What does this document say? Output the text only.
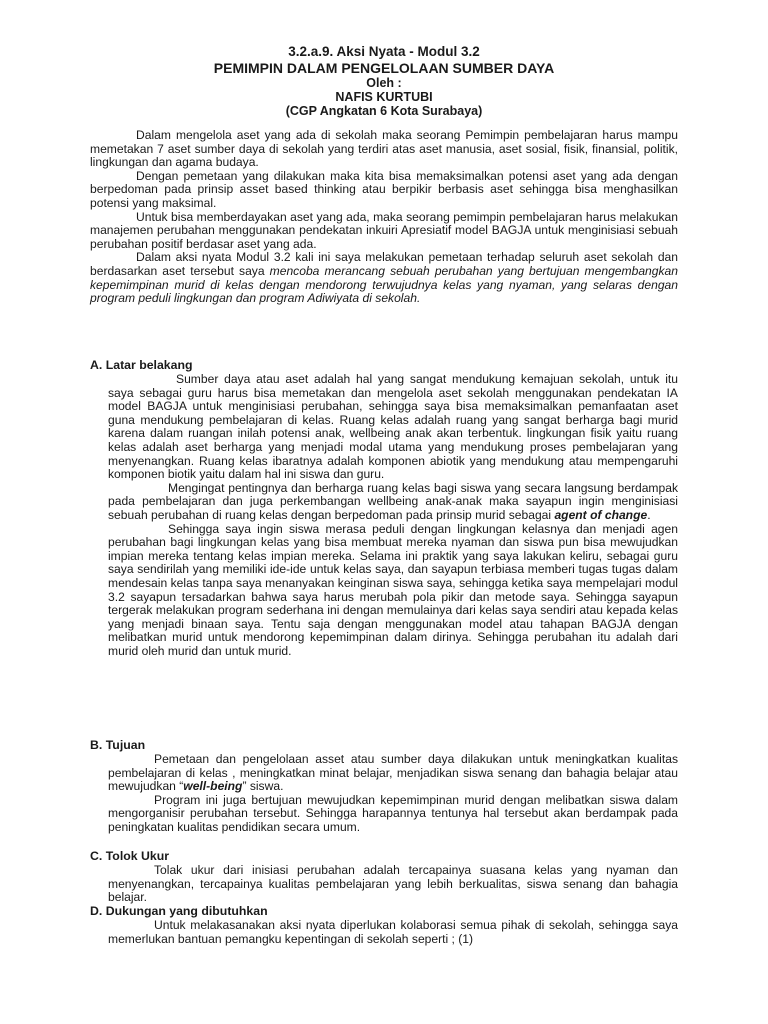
3.2.a.9. Aksi Nyata - Modul 3.2
PEMIMPIN DALAM PENGELOLAAN SUMBER DAYA
Oleh :
NAFIS KURTUBI
(CGP Angkatan 6 Kota Surabaya)

Dalam mengelola aset yang ada di sekolah maka seorang Pemimpin pembelajaran harus mampu memetakan 7 aset sumber daya di sekolah yang terdiri atas aset manusia, aset sosial, fisik, finansial, politik, lingkungan dan agama budaya.

Dengan pemetaan yang dilakukan maka kita bisa memaksimalkan potensi aset yang ada dengan berpedoman pada prinsip asset based thinking atau berpikir berbasis aset sehingga bisa menghasilkan potensi yang maksimal.

Untuk bisa memberdayakan aset yang ada, maka seorang pemimpin pembelajaran harus melakukan manajemen perubahan menggunakan pendekatan inkuiri Apresiatif model BAGJA untuk menginisiasi sebuah perubahan positif berdasar aset yang ada.

Dalam aksi nyata Modul 3.2 kali ini saya melakukan pemetaan terhadap seluruh aset sekolah dan berdasarkan aset tersebut saya mencoba merancang sebuah perubahan yang bertujuan mengembangkan kepemimpinan murid di kelas dengan mendorong terwujudnya kelas yang nyaman, yang selaras dengan program peduli lingkungan dan program Adiwiyata di sekolah.

A. Latar belakang

Sumber daya atau aset adalah hal yang sangat mendukung kemajuan sekolah, untuk itu saya sebagai guru harus bisa memetakan dan mengelola aset sekolah menggunakan pendekatan IA model BAGJA untuk menginisiasi perubahan, sehingga saya bisa memaksimalkan pemanfaatan aset guna mendukung pembelajaran di kelas. Ruang kelas adalah ruang yang sangat berharga bagi murid karena dalam ruangan inilah potensi anak, wellbeing anak akan terbentuk. lingkungan fisik yaitu ruang kelas adalah aset berharga yang menjadi modal utama yang mendukung proses pembelajaran yang menyenangkan. Ruang kelas ibaratnya adalah komponen abiotik yang mendukung atau mempengaruhi komponen biotik yaitu dalam hal ini siswa dan guru.

Mengingat pentingnya dan berharga ruang kelas bagi siswa yang secara langsung berdampak pada pembelajaran dan juga perkembangan wellbeing anak-anak maka sayapun ingin menginisiasi sebuah perubahan di ruang kelas dengan berpedoman pada prinsip murid sebagai agent of change.

Sehingga saya ingin siswa merasa peduli dengan lingkungan kelasnya dan menjadi agen perubahan bagi lingkungan kelas yang bisa membuat mereka nyaman dan siswa pun bisa mewujudkan impian mereka tentang kelas impian mereka. Selama ini praktik yang saya lakukan keliru, sebagai guru saya sendirilah yang memiliki ide-ide untuk kelas saya, dan sayapun terbiasa memberi tugas tugas dalam mendesain kelas tanpa saya menanyakan keinginan siswa saya, sehingga ketika saya mempelajari modul 3.2 sayapun tersadarkan bahwa saya harus merubah pola pikir dan metode saya. Sehingga sayapun tergerak melakukan program sederhana ini dengan memulainya dari kelas saya sendiri atau kepada kelas yang menjadi binaan saya. Tentu saja dengan menggunakan model atau tahapan BAGJA dengan melibatkan murid untuk mendorong kepemimpinan dalam dirinya. Sehingga perubahan itu adalah dari murid oleh murid dan untuk murid.

B. Tujuan

Pemetaan dan pengelolaan asset atau sumber daya dilakukan untuk meningkatkan kualitas pembelajaran di kelas , meningkatkan minat belajar, menjadikan siswa senang dan bahagia belajar atau mewujudkan “well-being” siswa.

Program ini juga bertujuan mewujudkan kepemimpinan murid dengan melibatkan siswa dalam mengorganisir perubahan tersebut. Sehingga harapannya tentunya hal tersebut akan berdampak pada peningkatan kualitas pendidikan secara umum.

C. Tolok Ukur

Tolak ukur dari inisiasi perubahan adalah tercapainya suasana kelas yang nyaman dan menyenangkan, tercapainya kualitas pembelajaran yang lebih berkualitas, siswa senang dan bahagia belajar.

D. Dukungan yang dibutuhkan

Untuk melakasanakan aksi nyata diperlukan kolaborasi semua pihak di sekolah, sehingga saya memerlukan bantuan pemangku kepentingan di sekolah seperti ; (1)
